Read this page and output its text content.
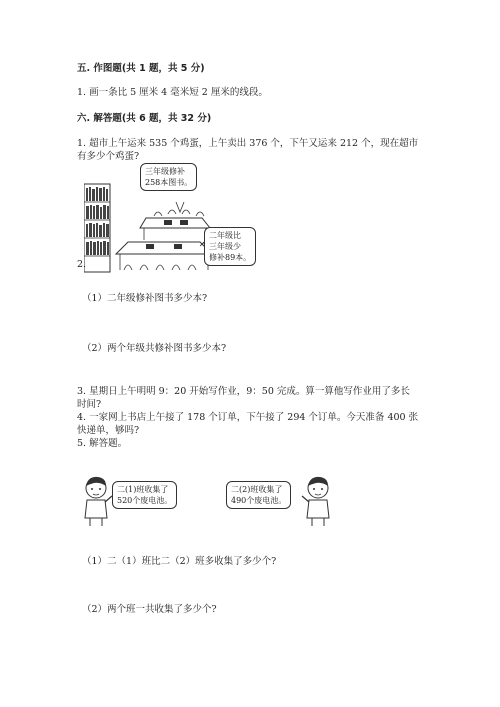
五. 作图题(共 1 题，共 5 分)
1. 画一条比 5 厘米 4 毫米短 2 厘米的线段。
六. 解答题(共 6 题，共 32 分)
1. 超市上午运来 535 个鸡蛋，上午卖出 376 个，下午又运来 212 个，现在超市
有多少个鸡蛋?
三年级修补
258本图书。
二年级比
三年级少
修补89本。
2.
（1）二年级修补图书多少本?
（2）两个年级共修补图书多少本?
3. 星期日上午明明 9：20 开始写作业，9：50 完成。算一算他写作业用了多长
时间?
4. 一家网上书店上午接了 178 个订单，下午接了 294 个订单。今天准备 400 张
快递单，够吗?
5. 解答题。
二(1)班收集了
520个废电池。
二(2)班收集了
490个废电池。
（1）二（1）班比二（2）班多收集了多少个?
（2）两个班一共收集了多少个?
